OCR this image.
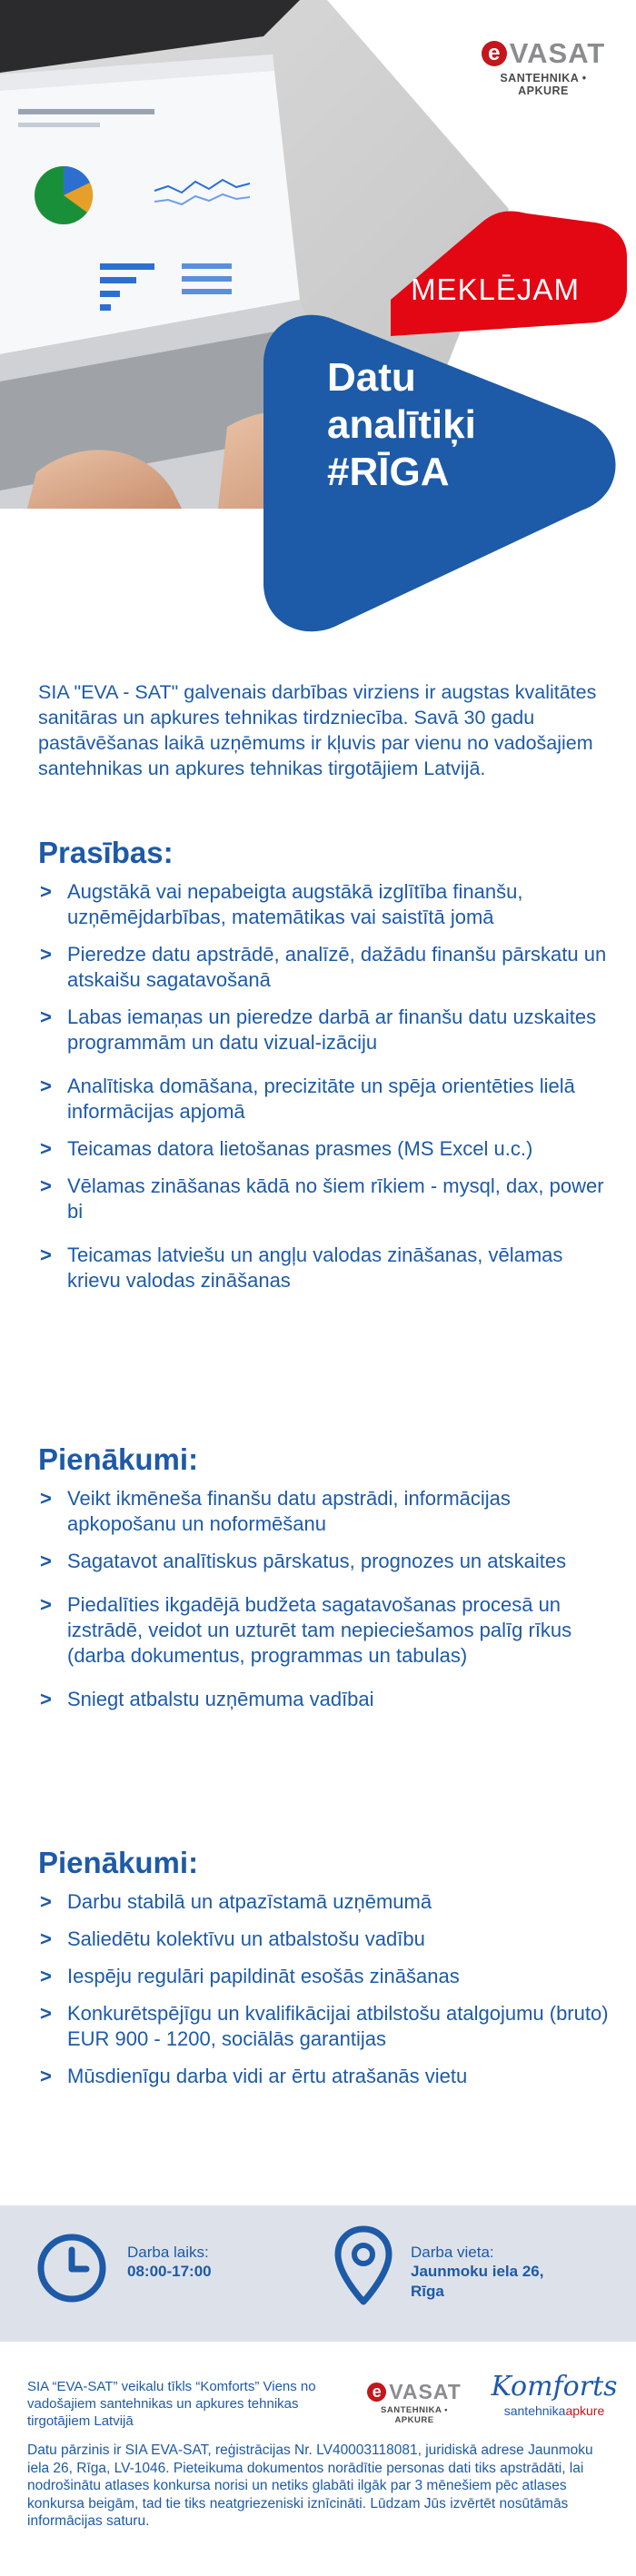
e VASAT
SANTEHNIKA • APKURE
MEKLĒJAM
Datu
analītiķi
#RĪGA

SIA "EVA - SAT" galvenais darbības virziens ir augstas kvalitātes sanitāras un apkures tehnikas tirdzniecība. Savā 30 gadu pastāvēšanas laikā uzņēmums ir kļuvis par vienu no vadošajiem santehnikas un apkures tehnikas tirgotājiem Latvijā.

Prasības:
> Augstākā vai nepabeigta augstākā izglītība finanšu, uzņēmējdarbības, matemātikas vai saistītā jomā
> Pieredze datu apstrādē, analīzē, dažādu finanšu pārskatu un atskaišu sagatavošanā
> Labas iemaņas un pieredze darbā ar finanšu datu uzskaites programmām un datu vizual-izāciju
> Analītiska domāšana, precizitāte un spēja orientēties lielā informācijas apjomā
> Teicamas datora lietošanas prasmes (MS Excel u.c.)
> Vēlamas zināšanas kādā no šiem rīkiem - mysql, dax, power bi
> Teicamas latviešu un angļu valodas zināšanas, vēlamas krievu valodas zināšanas
Pienākumi:
> Veikt ikmēneša finanšu datu apstrādi, informācijas apkopošanu un noformēšanu
> Sagatavot analītiskus pārskatus, prognozes un atskaites
> Piedalīties ikgadējā budžeta sagatavošanas procesā un izstrādē, veidot un uzturēt tam nepieciešamos palīg rīkus (darba dokumentus, programmas un tabulas)
> Sniegt atbalstu uzņēmuma vadībai
Pienākumi:
> Darbu stabilā un atpazīstamā uzņēmumā
> Saliedētu kolektīvu un atbalstošu vadību
> Iespēju regulāri papildināt esošās zināšanas
> Konkurētspējīgu un kvalifikācijai atbilstošu atalgojumu (bruto) EUR 900 - 1200, sociālās garantijas
> Mūsdienīgu darba vidi ar ērtu atrašanās vietu
Darba laiks:
08:00-17:00
Darba vieta:
Jaunmoku iela 26,
Rīga

SIA “EVA-SAT” veikalu tīkls “Komforts” Viens no vadošajiem santehnikas un apkures tehnikas tirgotājiem Latvijā

e VASAT
SANTEHNIKA • APKURE
Komforts
santehnikaapkure

Datu pārzinis ir SIA EVA-SAT, reģistrācijas Nr. LV40003118081, juridiskā adrese Jaunmoku iela 26, Rīga, LV-1046. Pieteikuma dokumentos norādītie personas dati tiks apstrādāti, lai nodrošinātu atlases konkursa norisi un netiks glabāti ilgāk par 3 mēnešiem pēc atlases konkursa beigām, tad tie tiks neatgriezeniski iznīcināti. Lūdzam Jūs izvērtēt nosūtāmās informācijas saturu.
